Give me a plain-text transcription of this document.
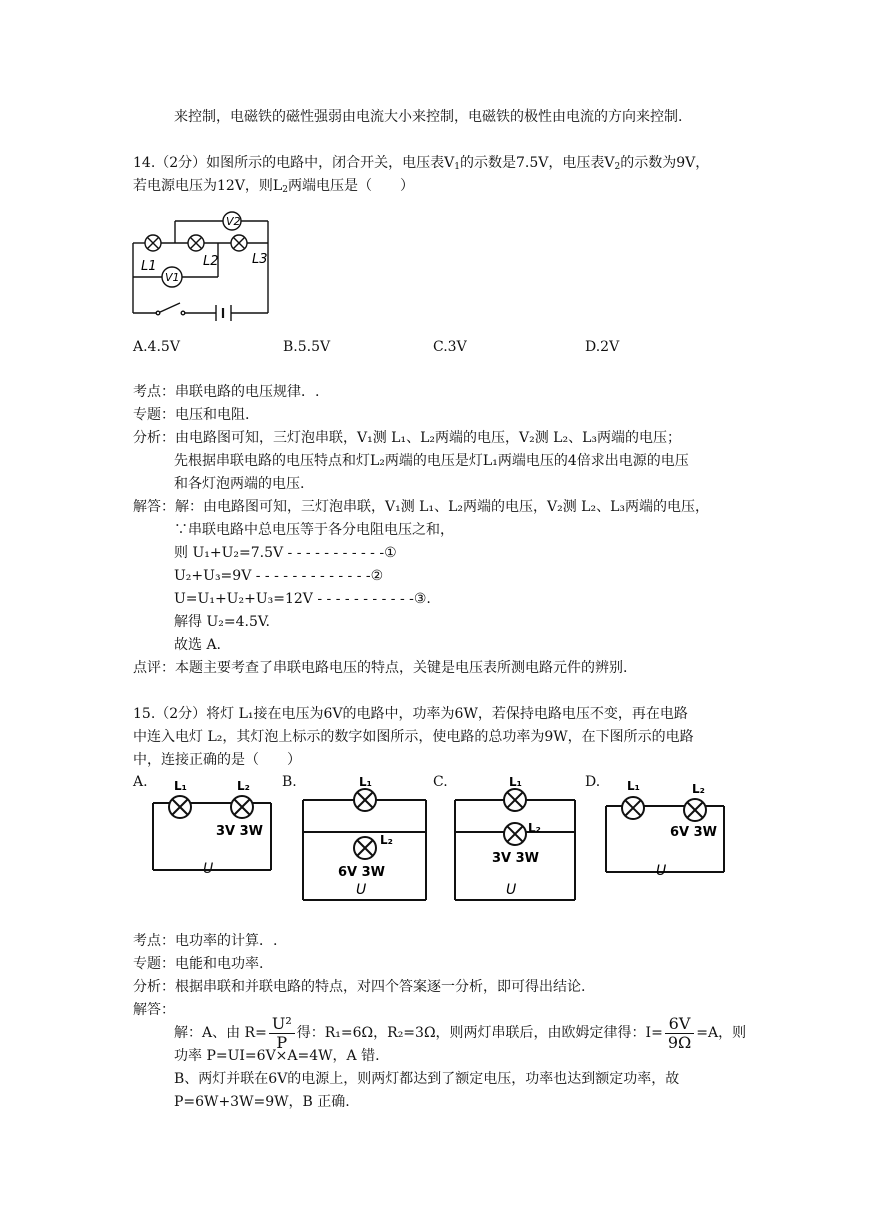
来控制，电磁铁的磁性强弱由电流大小来控制，电磁铁的极性由电流的方向来控制.
14.（2分）如图所示的电路中，闭合开关，电压表$V_1$的示数是7.5V，电压表$V_2$的示数为9V，
若电源电压为12V，则$L_2$两端电压是（　　）
V2
V1
L1	L2	L3
A.4.5V	B.5.5V	C.3V	D.2V
考点：串联电路的电压规律．.
专题：电压和电阻.
分析：由电路图可知，三灯泡串联，V₁测 L₁、L₂两端的电压，V₂测 L₂、L₃两端的电压；
先根据串联电路的电压特点和灯L₂两端的电压是灯L₁两端电压的4倍求出电源的电压
和各灯泡两端的电压.
解答：解：由电路图可知，三灯泡串联，V₁测 L₁、L₂两端的电压，V₂测 L₂、L₃两端的电压，
∵串联电路中总电压等于各分电阻电压之和，
则 U₁+U₂=7.5V - - - - - - - - - - -①
U₂+U₃=9V - - - - - - - - - - - - -②
U=U₁+U₂+U₃=12V - - - - - - - - - - -③.
解得 U₂=4.5V.
故选 A.
点评：本题主要考查了串联电路电压的特点，关键是电压表所测电路元件的辨别.
15.（2分）将灯 L₁接在电压为6V的电路中，功率为6W，若保持电路电压不变，再在电路
中连入电灯 L₂，其灯泡上标示的数字如图所示，使电路的总功率为9W，在下图所示的电路
中，连接正确的是（　　）
A. L₁	L₂
3V 3W
U
B.	L₁
L₂
6V 3W
U
C.	L₁
L₂
3V 3W
U
D. L₁	L₂
6V 3W
U
考点：电功率的计算．.
专题：电能和电功率.
分析：根据串联和并联电路的特点，对四个答案逐一分析，即可得出结论.
解答：
解：A、由 $R= \frac{\text{U²}}{P}$ 得：R₁=6Ω，R₂=3Ω，则两灯串联后，由欧姆定律得：$I= \frac{6V}{9\Omega} =A$，则
功率 P=UI=6V×A=4W，A 错.
B、两灯并联在6V的电源上，则两灯都达到了额定电压，功率也达到额定功率，故
P=6W+3W=9W，B 正确.
